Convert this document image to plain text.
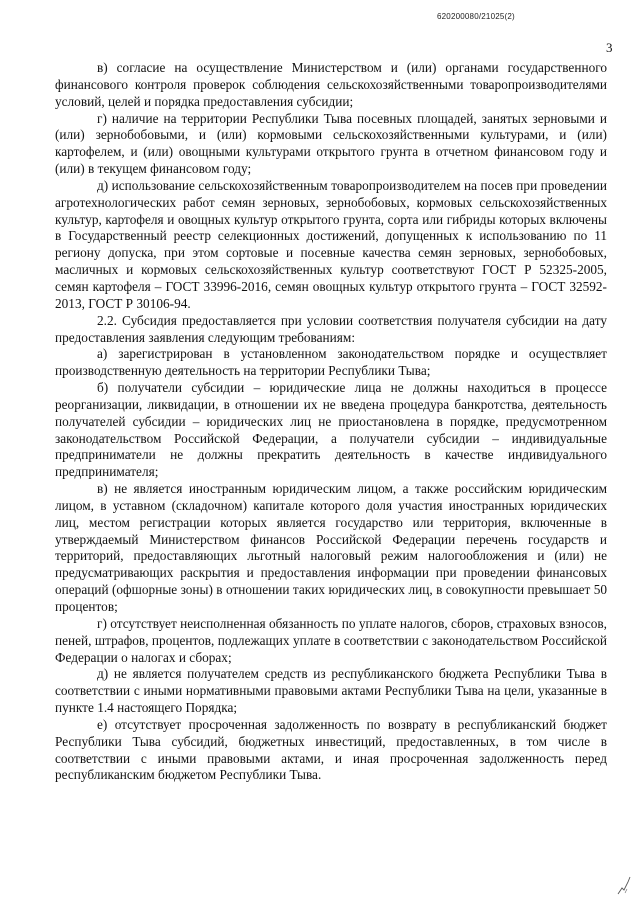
620200080/21025(2)
3

в) согласие на осуществление Министерством и (или) органами государственного финансового контроля проверок соблюдения сельскохозяйственными товаропроизводителями условий, целей и порядка предоставления субсидии;

г) наличие на территории Республики Тыва посевных площадей, занятых зерновыми и (или) зернобобовыми, и (или) кормовыми сельскохозяйственными культурами, и (или) картофелем, и (или) овощными культурами открытого грунта в отчетном финансовом году и (или) в текущем финансовом году;

д) использование сельскохозяйственным товаропроизводителем на посев при проведении агротехнологических работ семян зерновых, зернобобовых, кормовых сельскохозяйственных культур, картофеля и овощных культур открытого грунта, сорта или гибриды которых включены в Государственный реестр селекционных достижений, допущенных к использованию по 11 региону допуска, при этом сортовые и посевные качества семян зерновых, зернобобовых, масличных и кормовых сельскохозяйственных культур соответствуют ГОСТ Р 52325-2005, семян картофеля – ГОСТ 33996-2016, семян овощных культур открытого грунта – ГОСТ 32592-2013, ГОСТ Р 30106-94.

2.2. Субсидия предоставляется при условии соответствия получателя субсидии на дату предоставления заявления следующим требованиям:

а) зарегистрирован в установленном законодательством порядке и осуществляет производственную деятельность на территории Республики Тыва;

б) получатели субсидии – юридические лица не должны находиться в процессе реорганизации, ликвидации, в отношении их не введена процедура банкротства, деятельность получателей субсидии – юридических лиц не приостановлена в порядке, предусмотренном законодательством Российской Федерации, а получатели субсидии – индивидуальные предприниматели не должны прекратить деятельность в качестве индивидуального предпринимателя;

в) не является иностранным юридическим лицом, а также российским юридическим лицом, в уставном (складочном) капитале которого доля участия иностранных юридических лиц, местом регистрации которых является государство или территория, включенные в утверждаемый Министерством финансов Российской Федерации перечень государств и территорий, предоставляющих льготный налоговый режим налогообложения и (или) не предусматривающих раскрытия и предоставления информации при проведении финансовых операций (офшорные зоны) в отношении таких юридических лиц, в совокупности превышает 50 процентов;

г) отсутствует неисполненная обязанность по уплате налогов, сборов, страховых взносов, пеней, штрафов, процентов, подлежащих уплате в соответствии с законодательством Российской Федерации о налогах и сборах;

д) не является получателем средств из республиканского бюджета Республики Тыва в соответствии с иными нормативными правовыми актами Республики Тыва на цели, указанные в пункте 1.4 настоящего Порядка;

е) отсутствует просроченная задолженность по возврату в республиканский бюджет Республики Тыва субсидий, бюджетных инвестиций, предоставленных, в том числе в соответствии с иными правовыми актами, и иная просроченная задолженность перед республиканским бюджетом Республики Тыва.
